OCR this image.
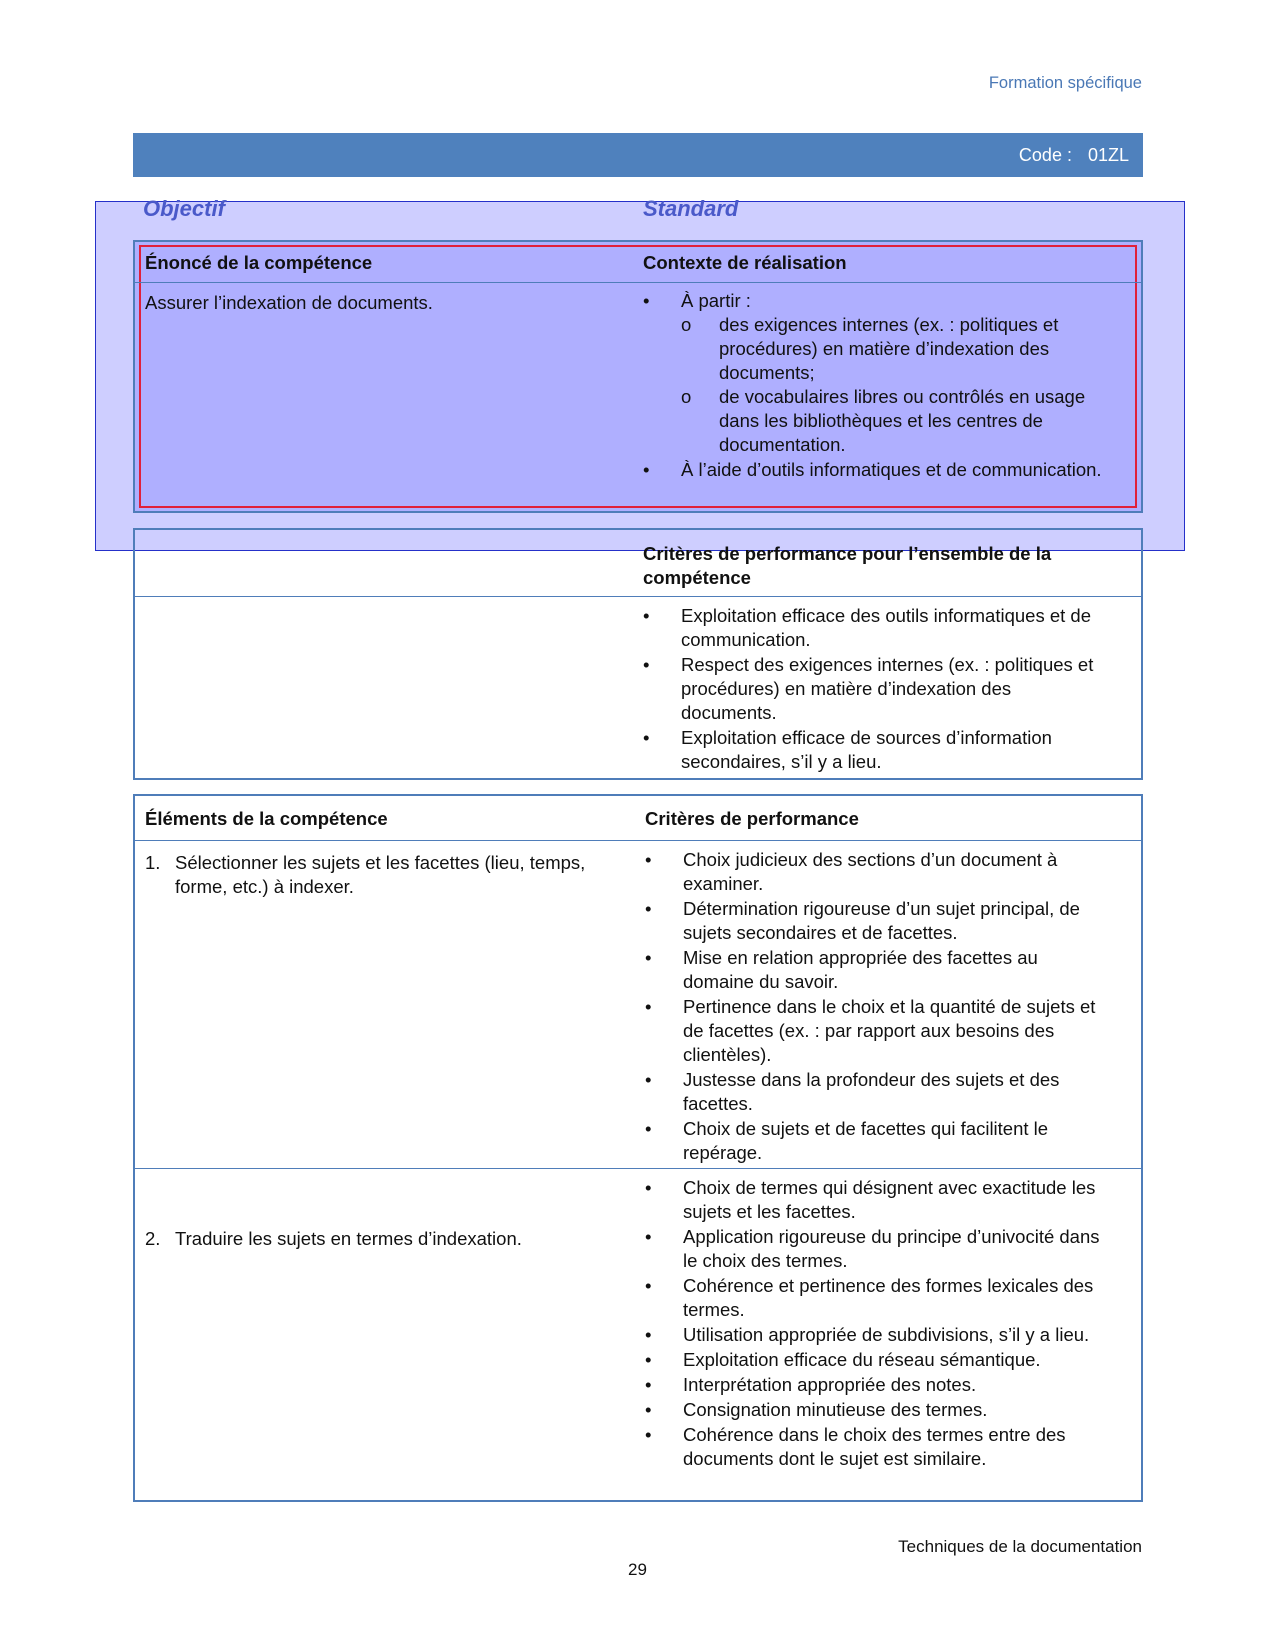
Formation spécifique
Code : 01ZL
Objectif	Standard
Énoncé de la compétence	Contexte de réalisation
Assurer l’indexation de documents.
•	À partir :
o des exigences internes (ex. : politiques et procédures) en matière d’indexation des documents;
o de vocabulaires libres ou contrôlés en usage dans les bibliothèques et les centres de documentation.
• À l’aide d’outils informatiques et de communication.
Critères de performance pour l’ensemble de la compétence
• Exploitation efficace des outils informatiques et de communication.
• Respect des exigences internes (ex. : politiques et procédures) en matière d’indexation des documents.
• Exploitation efficace de sources d’information secondaires, s’il y a lieu.
Éléments de la compétence	Critères de performance
1. Sélectionner les sujets et les facettes (lieu, temps, forme, etc.) à indexer.
• Choix judicieux des sections d’un document à examiner.
• Détermination rigoureuse d’un sujet principal, de sujets secondaires et de facettes.
• Mise en relation appropriée des facettes au domaine du savoir.
• Pertinence dans le choix et la quantité de sujets et de facettes (ex. : par rapport aux besoins des clientèles).
• Justesse dans la profondeur des sujets et des facettes.
• Choix de sujets et de facettes qui facilitent le repérage.
2. Traduire les sujets en termes d’indexation.
• Choix de termes qui désignent avec exactitude les sujets et les facettes.
• Application rigoureuse du principe d’univocité dans le choix des termes.
• Cohérence et pertinence des formes lexicales des termes.
• Utilisation appropriée de subdivisions, s’il y a lieu.
• Exploitation efficace du réseau sémantique.
• Interprétation appropriée des notes.
• Consignation minutieuse des termes.
• Cohérence dans le choix des termes entre des documents dont le sujet est similaire.
Techniques de la documentation
29
